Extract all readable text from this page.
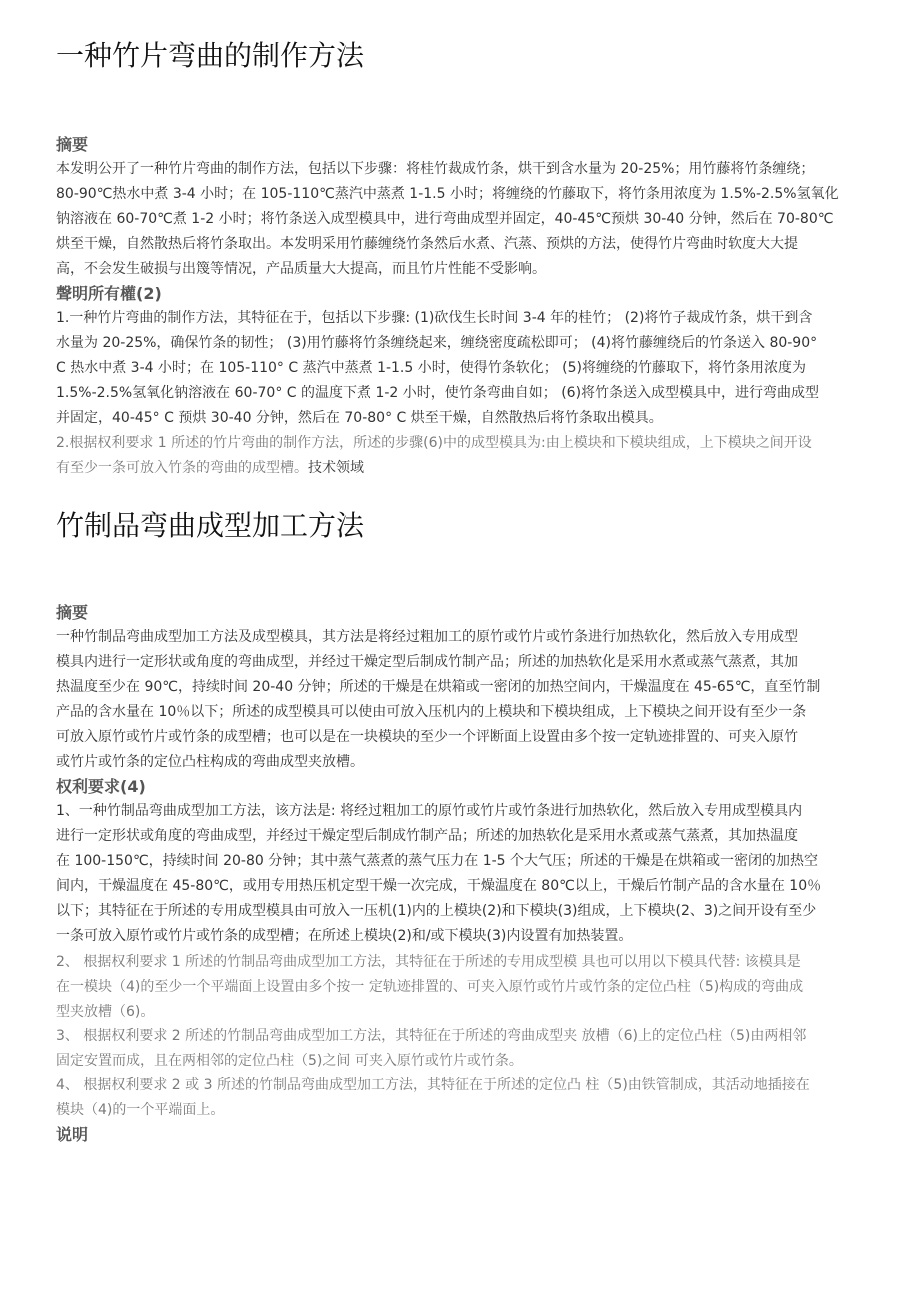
一种竹片弯曲的制作方法
摘要
本发明公开了一种竹片弯曲的制作方法，包括以下步骤：将桂竹裁成竹条，烘干到含水量为 20-25%；用竹藤将竹条缠绕；
80-90℃热水中煮 3-4 小时；在 105-110℃蒸汽中蒸煮 1-1.5 小时；将缠绕的竹藤取下，将竹条用浓度为 1.5%-2.5%氢氧化
钠溶液在 60-70℃煮 1-2 小时；将竹条送入成型模具中，进行弯曲成型并固定，40-45℃预烘 30-40 分钟，然后在 70-80℃
烘至干燥，自然散热后将竹条取出。本发明采用竹藤缠绕竹条然后水煮、汽蒸、预烘的方法，使得竹片弯曲时软度大大提
高，不会发生破损与出篾等情况，产品质量大大提高，而且竹片性能不受影响。
聲明所有權(2)
1.一种竹片弯曲的制作方法，其特征在于，包括以下步骤: (1)砍伐生长时间 3-4 年的桂竹； (2)将竹子裁成竹条，烘干到含
水量为 20-25%，确保竹条的韧性； (3)用竹藤将竹条缠绕起来，缠绕密度疏松即可； (4)将竹藤缠绕后的竹条送入 80-90°
C 热水中煮 3-4 小时；在 105-110° C 蒸汽中蒸煮 1-1.5 小时，使得竹条软化； (5)将缠绕的竹藤取下，将竹条用浓度为
1.5%-2.5%氢氧化钠溶液在 60-70° C 的温度下煮 1-2 小时，使竹条弯曲自如； (6)将竹条送入成型模具中，进行弯曲成型
并固定，40-45° C 预烘 30-40 分钟，然后在 70-80° C 烘至干燥，自然散热后将竹条取出模具。
2.根据权利要求 1 所述的竹片弯曲的制作方法，所述的步骤(6)中的成型模具为:由上模块和下模块组成，上下模块之间开设
有至少一条可放入竹条的弯曲的成型槽。技术领域
竹制品弯曲成型加工方法
摘要
一种竹制品弯曲成型加工方法及成型模具，其方法是将经过粗加工的原竹或竹片或竹条进行加热软化，然后放入专用成型
模具内进行一定形状或角度的弯曲成型，并经过干燥定型后制成竹制产品；所述的加热软化是采用水煮或蒸气蒸煮，其加
热温度至少在 90℃，持续时间 20-40 分钟；所述的干燥是在烘箱或一密闭的加热空间内，干燥温度在 45-65℃，直至竹制
产品的含水量在 10％以下；所述的成型模具可以使由可放入压机内的上模块和下模块组成，上下模块之间开设有至少一条
可放入原竹或竹片或竹条的成型槽；也可以是在一块模块的至少一个评断面上设置由多个按一定轨迹排置的、可夹入原竹
或竹片或竹条的定位凸柱构成的弯曲成型夹放槽。
权利要求(4)
1、一种竹制品弯曲成型加工方法，该方法是: 将经过粗加工的原竹或竹片或竹条进行加热软化，然后放入专用成型模具内
进行一定形状或角度的弯曲成型，并经过干燥定型后制成竹制产品；所述的加热软化是采用水煮或蒸气蒸煮，其加热温度
在 100-150℃，持续时间 20-80 分钟；其中蒸气蒸煮的蒸气压力在 1-5 个大气压；所述的干燥是在烘箱或一密闭的加热空
间内，干燥温度在 45-80℃，或用专用热压机定型干燥一次完成，干燥温度在 80℃以上，干燥后竹制产品的含水量在 10％
以下；其特征在于所述的专用成型模具由可放入一压机(1)内的上模块(2)和下模块(3)组成，上下模块(2、3)之间开设有至少
一条可放入原竹或竹片或竹条的成型槽；在所述上模块(2)和/或下模块(3)内设置有加热装置。
2、 根据权利要求 1 所述的竹制品弯曲成型加工方法，其特征在于所述的专用成型模 具也可以用以下模具代替: 该模具是
在一模块（4)的至少一个平端面上设置由多个按一 定轨迹排置的、可夹入原竹或竹片或竹条的定位凸柱（5)构成的弯曲成
型夹放槽（6)。
3、 根据权利要求 2 所述的竹制品弯曲成型加工方法，其特征在于所述的弯曲成型夹 放槽（6)上的定位凸柱（5)由两相邻
固定安置而成，且在两相邻的定位凸柱（5)之间 可夹入原竹或竹片或竹条。
4、 根据权利要求 2 或 3 所述的竹制品弯曲成型加工方法，其特征在于所述的定位凸 柱（5)由铁管制成，其活动地插接在
模块（4)的一个平端面上。
说明
